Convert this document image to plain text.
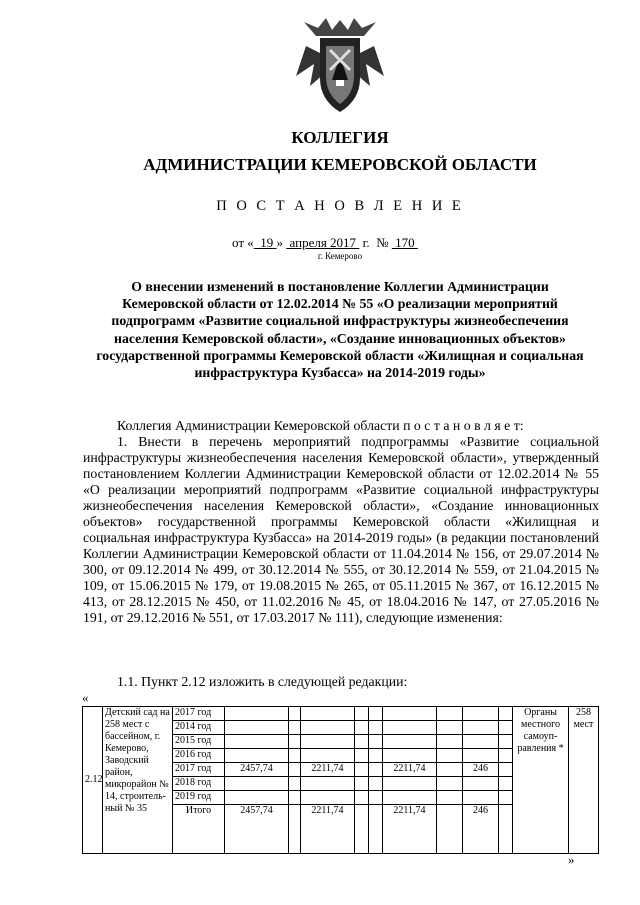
КОЛЛЕГИЯ
АДМИНИСТРАЦИИ КЕМЕРОВСКОЙ ОБЛАСТИ
П О С Т А Н О В Л Е Н И Е
от « 19 » апреля 2017 г. № 170
г. Кемерово
О внесении изменений в постановление Коллегии Администрации Кемеровской области от 12.02.2014 № 55 «О реализации мероприятий подпрограмм «Развитие социальной инфраструктуры жизнеобеспечения населения Кемеровской области», «Создание инновационных объектов» государственной программы Кемеровской области «Жилищная и социальная инфраструктура Кузбасса» на 2014-2019 годы»
Коллегия Администрации Кемеровской области п о с т а н о в л я е т:
1. Внести в перечень мероприятий подпрограммы «Развитие социальной инфраструктуры жизнеобеспечения населения Кемеровской области», утвержденный постановлением Коллегии Администрации Кемеровской области от 12.02.2014 № 55 «О реализации мероприятий подпрограмм «Развитие социальной инфраструктуры жизнеобеспечения населения Кемеровской области», «Создание инновационных объектов» государственной программы Кемеровской области «Жилищная и социальная инфраструктура Кузбасса» на 2014-2019 годы» (в редакции постановлений Коллегии Администрации Кемеровской области от 11.04.2014 № 156, от 29.07.2014 № 300, от 09.12.2014 № 499, от 30.12.2014 № 555, от 30.12.2014 № 559, от 21.04.2015 № 109, от 15.06.2015 № 179, от 19.08.2015 № 265, от 05.11.2015 № 367, от 16.12.2015 № 413, от 28.12.2015 № 450, от 11.02.2016 № 45, от 18.04.2016 № 147, от 27.05.2016 № 191, от 29.12.2016 № 551, от 17.03.2017 № 111), следующие изменения:
1.1. Пункт 2.12 изложить в следующей редакции:
«
2.12	Детский сад на 258 мест с бассейном, г. Кемерово, Заводский район, микрорайон № 14, строитель-ный № 35	2017 год										Органы местного самоуп-равления *	258 мест
		2014 год											
		2015 год											
		2016 год											
		2017 год	2457,74		2211,74			2211,74		246			
		2018 год											
		2019 год											
		Итого	2457,74		2211,74			2211,74		246			
»
